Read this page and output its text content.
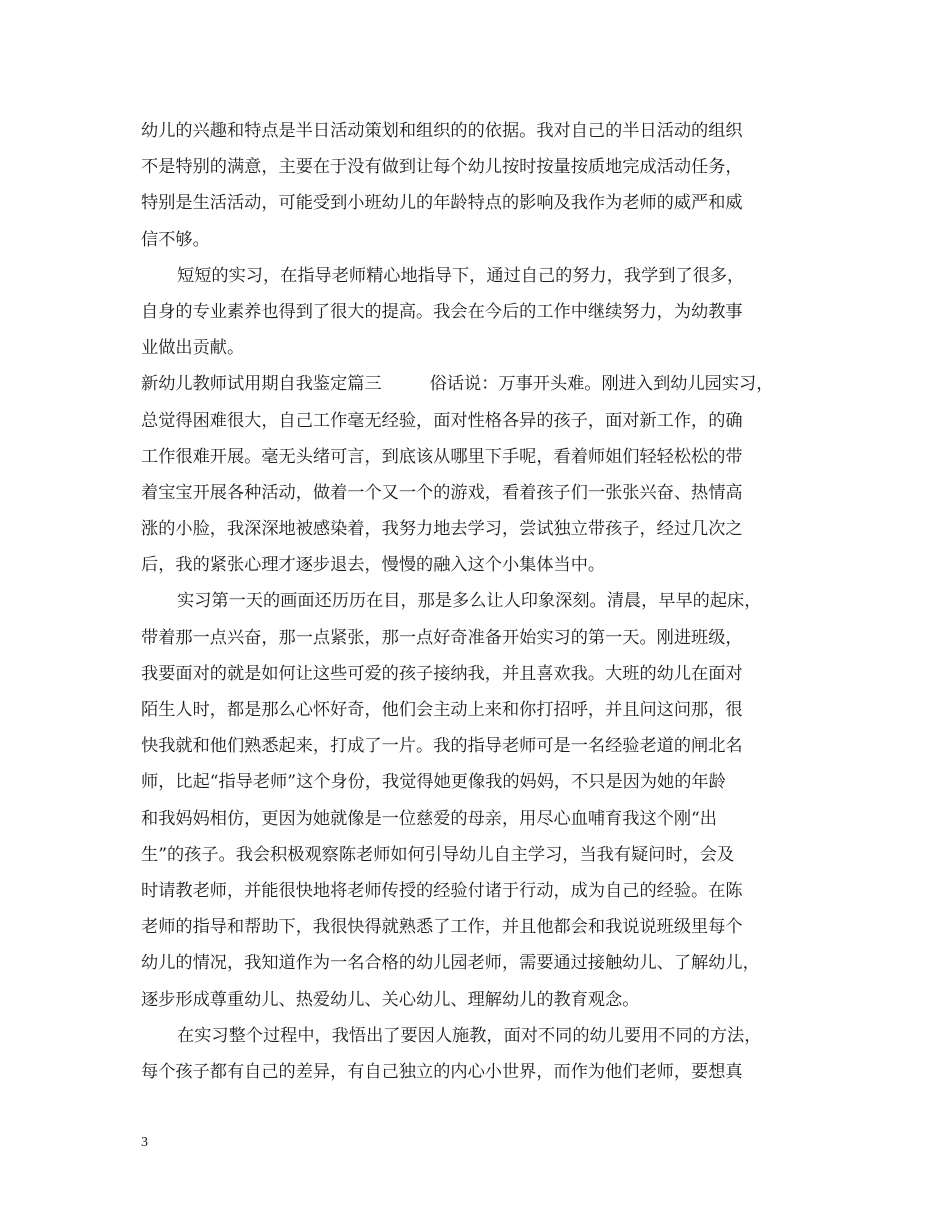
幼儿的兴趣和特点是半日活动策划和组织的的依据。我对自己的半日活动的组织
不是特别的满意，主要在于没有做到让每个幼儿按时按量按质地完成活动任务，
特别是生活活动，可能受到小班幼儿的年龄特点的影响及我作为老师的威严和威
信不够。
短短的实习，在指导老师精心地指导下，通过自己的努力，我学到了很多，
自身的专业素养也得到了很大的提高。我会在今后的工作中继续努力，为幼教事
业做出贡献。
新幼儿教师试用期自我鉴定篇三	俗话说：万事开头难。刚进入到幼儿园实习，
总觉得困难很大，自己工作毫无经验，面对性格各异的孩子，面对新工作，的确
工作很难开展。毫无头绪可言，到底该从哪里下手呢，看着师姐们轻轻松松的带
着宝宝开展各种活动，做着一个又一个的游戏，看着孩子们一张张兴奋、热情高
涨的小脸，我深深地被感染着，我努力地去学习，尝试独立带孩子，经过几次之
后，我的紧张心理才逐步退去，慢慢的融入这个小集体当中。
实习第一天的画面还历历在目，那是多么让人印象深刻。清晨，早早的起床，
带着那一点兴奋，那一点紧张，那一点好奇准备开始实习的第一天。刚进班级，
我要面对的就是如何让这些可爱的孩子接纳我，并且喜欢我。大班的幼儿在面对
陌生人时，都是那么心怀好奇，他们会主动上来和你打招呼，并且问这问那，很
快我就和他们熟悉起来，打成了一片。我的指导老师可是一名经验老道的闸北名
师，比起“指导老师”这个身份，我觉得她更像我的妈妈，不只是因为她的年龄
和我妈妈相仿，更因为她就像是一位慈爱的母亲，用尽心血哺育我这个刚“出
生”的孩子。我会积极观察陈老师如何引导幼儿自主学习，当我有疑问时，会及
时请教老师，并能很快地将老师传授的经验付诸于行动，成为自己的经验。在陈
老师的指导和帮助下，我很快得就熟悉了工作，并且他都会和我说说班级里每个
幼儿的情况，我知道作为一名合格的幼儿园老师，需要通过接触幼儿、了解幼儿，
逐步形成尊重幼儿、热爱幼儿、关心幼儿、理解幼儿的教育观念。
在实习整个过程中，我悟出了要因人施教，面对不同的幼儿要用不同的方法，
每个孩子都有自己的差异，有自己独立的内心小世界，而作为他们老师，要想真
3
